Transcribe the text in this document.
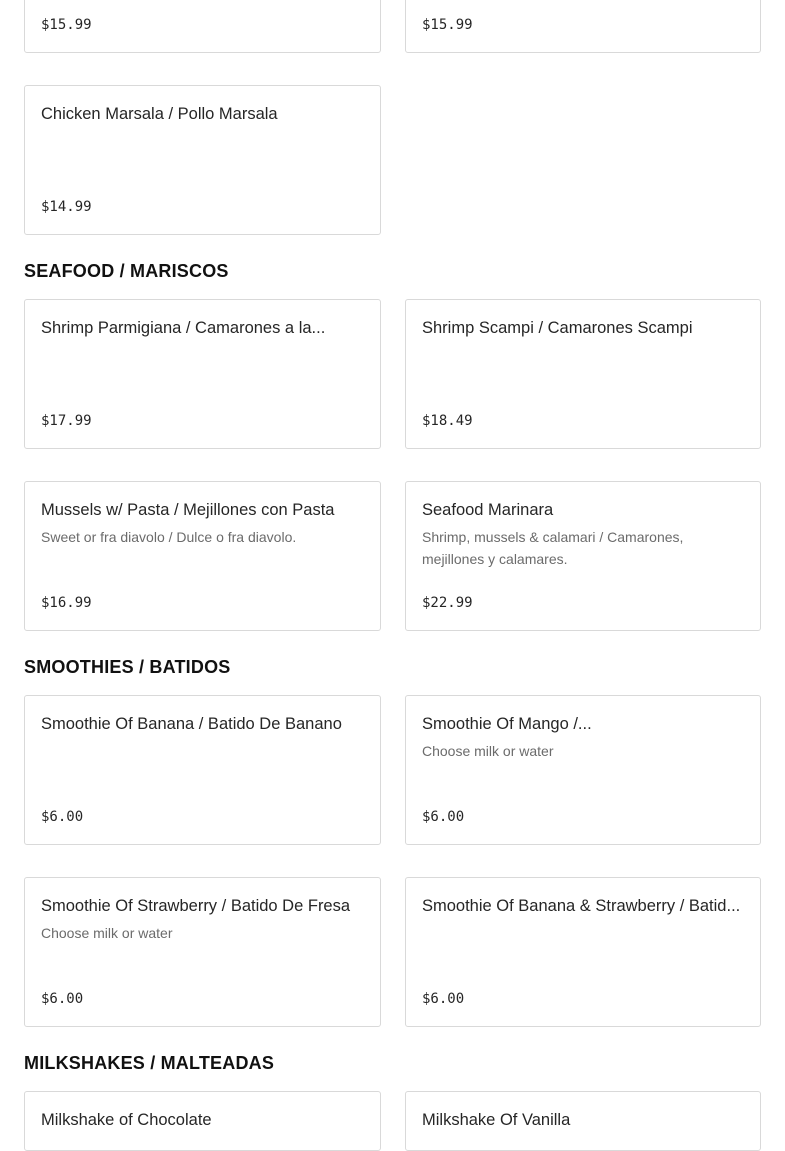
$15.99	$15.99
Chicken Marsala / Pollo Marsala
$14.99
SEAFOOD / MARISCOS
Shrimp Parmigiana / Camarones a la...
$17.99
Shrimp Scampi / Camarones Scampi
$18.49
Mussels w/ Pasta / Mejillones con Pasta
Sweet or fra diavolo / Dulce o fra diavolo.
$16.99
Seafood Marinara
Shrimp, mussels & calamari / Camarones, mejillones y calamares.
$22.99
SMOOTHIES / BATIDOS
Smoothie Of Banana / Batido De Banano
$6.00
Smoothie Of Mango /...
Choose milk or water
$6.00
Smoothie Of Strawberry / Batido De Fresa
Choose milk or water
$6.00
Smoothie Of Banana & Strawberry / Batid...
$6.00
MILKSHAKES / MALTEADAS
Milkshake of Chocolate	Milkshake Of Vanilla
